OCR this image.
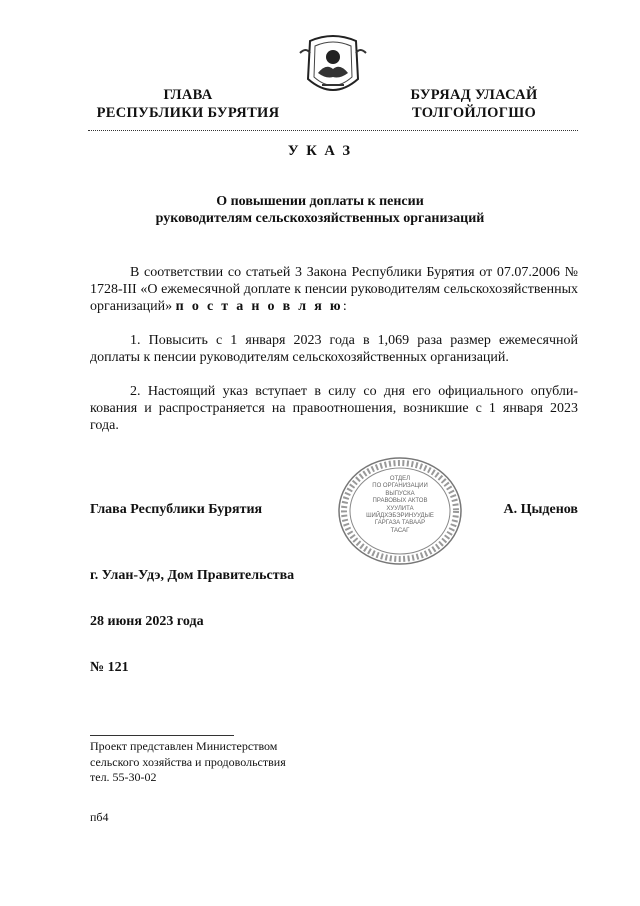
ГЛАВА
РЕСПУБЛИКИ БУРЯТИЯ
БУРЯАД УЛАСАЙ
ТОЛГОЙЛОГШО
У К А З
О повышении доплаты к пенсии
руководителям сельскохозяйственных организаций
В соответствии со статьей 3 Закона Республики Бурятия от 07.07.2006 № 1728-III «О ежемесячной доплате к пенсии руководителям сельскохозяйственных организаций» п о с т а н о в л я ю:
1. Повысить с 1 января 2023 года в 1,069 раза размер ежемесячной доплаты к пенсии руководителям сельскохозяйственных организаций.
2. Настоящий указ вступает в силу со дня его официального опубликования и распространяется на правоотношения, возникшие с 1 января 2023 года.
ОТДЕЛ
ПО ОРГАНИЗАЦИИ
ВЫПУСКА
ПРАВОВЫХ АКТОВ
ХУУЛИТА
ШИЙДХЭБЭРИНУУДЫЕ
ГАРГАЗА ТАВААР
ТАСАГ
Глава Республики Бурятия	А. Цыденов
г. Улан-Удэ, Дом Правительства
28 июня 2023 года
№ 121
Проект представлен Министерством
сельского хозяйства и продовольствия
тел. 55-30-02
пб4
